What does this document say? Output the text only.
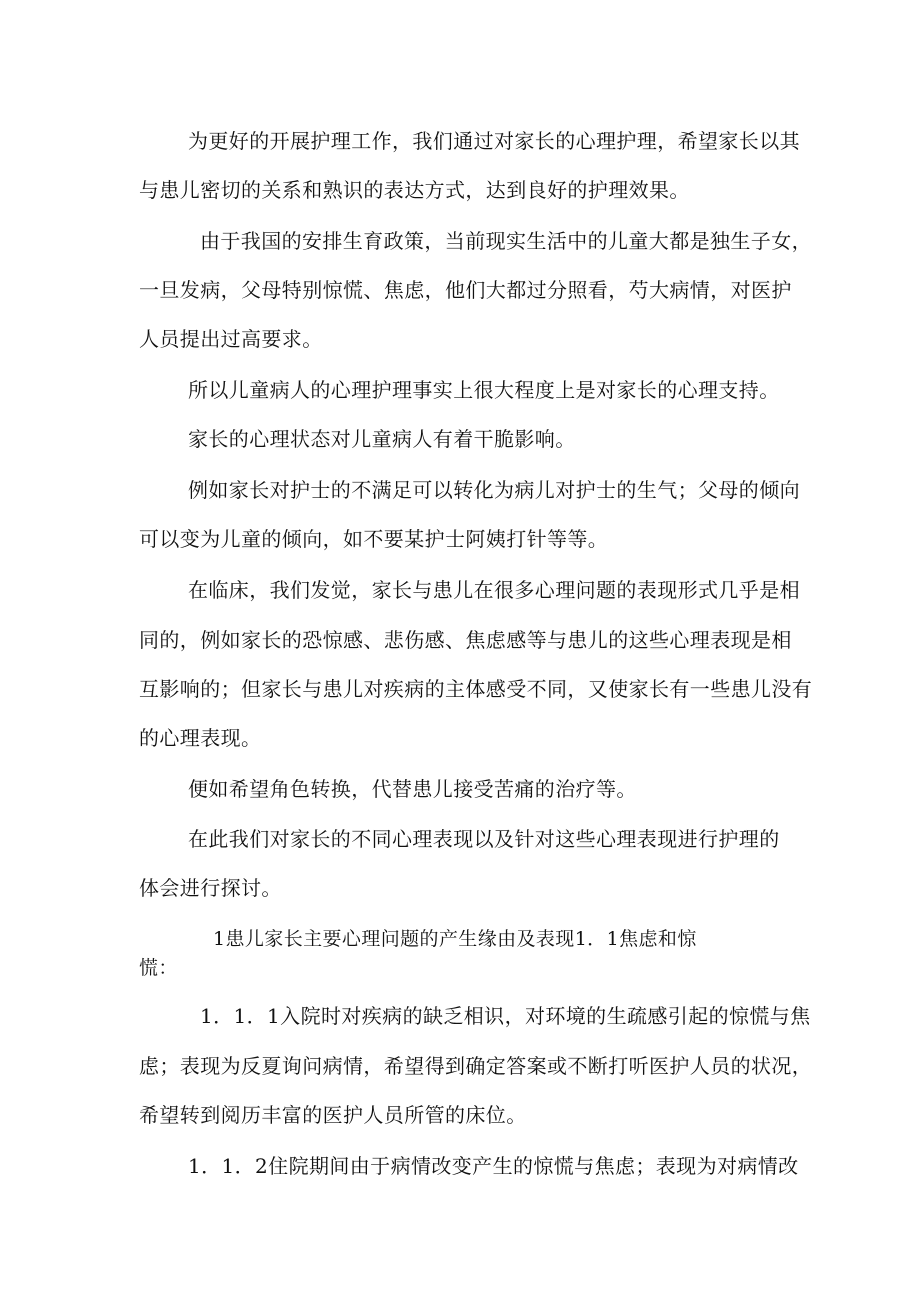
为更好的开展护理工作，我们通过对家长的心理护理，希望家长以其
与患儿密切的关系和熟识的表达方式，达到良好的护理效果。
由于我国的安排生育政策，当前现实生活中的儿童大都是独生子女，
一旦发病，父母特别惊慌、焦虑，他们大都过分照看，芍大病情，对医护
人员提出过高要求。
所以儿童病人的心理护理事实上很大程度上是对家长的心理支持。
家长的心理状态对儿童病人有着干脆影响。
例如家长对护士的不满足可以转化为病儿对护士的生气；父母的倾向
可以变为儿童的倾向，如不要某护士阿姨打针等等。
在临床，我们发觉，家长与患儿在很多心理问题的表现形式几乎是相
同的，例如家长的恐惊感、悲伤感、焦虑感等与患儿的这些心理表现是相
互影响的；但家长与患儿对疾病的主体感受不同，又使家长有一些患儿没有
的心理表现。
便如希望角色转换，代替患儿接受苦痛的治疗等。
在此我们对家长的不同心理表现以及针对这些心理表现进行护理的
体会进行探讨。
1患儿家长主要心理问题的产生缘由及表现1．1焦虑和惊
慌：
1．1．1入院时对疾病的缺乏相识，对环境的生疏感引起的惊慌与焦
虑；表现为反夏询问病情，希望得到确定答案或不断打听医护人员的状况，
希望转到阅历丰富的医护人员所管的床位。
1．1．2住院期间由于病情改变产生的惊慌与焦虑；表现为对病情改
